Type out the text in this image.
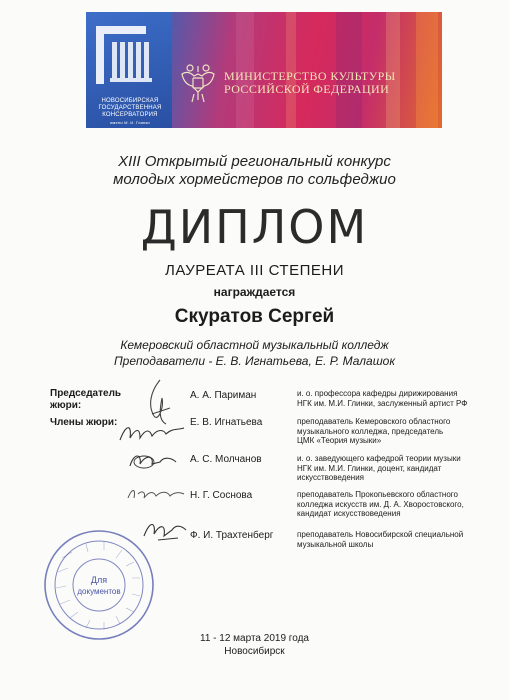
НОВОСИБИРСКАЯ
ГОСУДАРСТВЕННАЯ
КОНСЕРВАТОРИЯ
имени М. И. Глинки
МИНИСТЕРСТВО КУЛЬТУРЫ
РОССИЙСКОЙ ФЕДЕРАЦИИ
XIII Открытый региональный конкурс
молодых хормейстеров по сольфеджио
ДИПЛОМ
ЛАУРЕАТА III СТЕПЕНИ
награждается
Скуратов Сергей
Кемеровский областной музыкальный колледж
Преподаватели - Е. В. Игнатьева, Е. Р. Малашок
Председатель
жюри:
Члены жюри:
А. А. Париман	и. о. профессора кафедры дирижирования
НГК им. М.И. Глинки, заслуженный артист РФ
Е. В. Игнатьева	преподаватель Кемеровского областного
музыкального колледжа, председатель
ЦМК «Теория музыки»
А. С. Молчанов	и. о. заведующего кафедрой теории музыки
НГК им. М.И. Глинки, доцент, кандидат
искусствоведения
Н. Г. Соснова	преподаватель Прокопьевского областного
колледжа искусств им. Д. А. Хворостовского,
кандидат искусствоведения
Ф. И. Трахтенберг	преподаватель Новосибирской специальной
музыкальной школы
Для
документов
11 - 12 марта 2019 года
Новосибирск
